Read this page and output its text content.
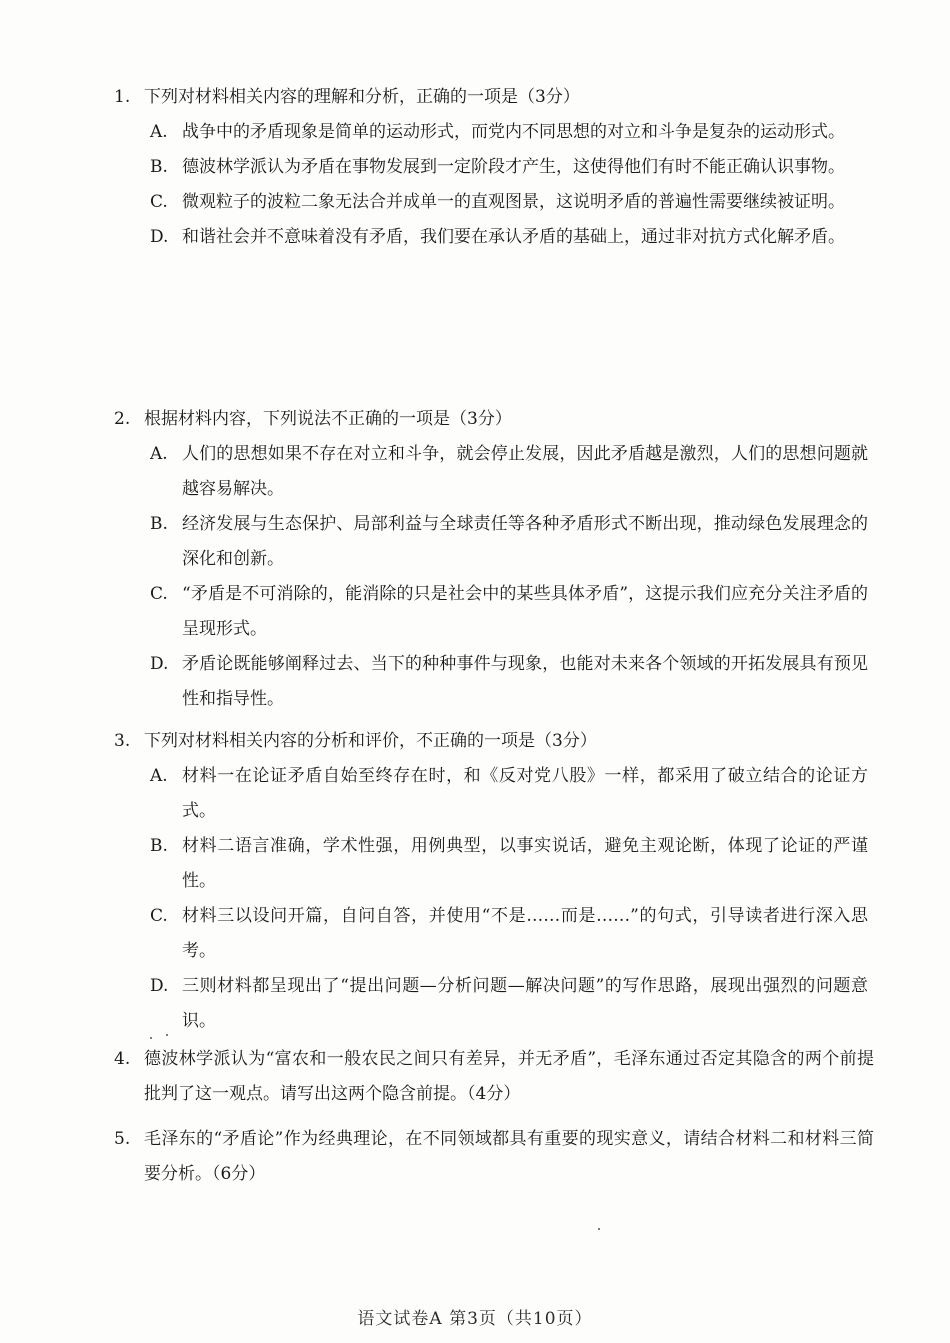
1. 下列对材料相关内容的理解和分析，正确的一项是（3分）
A. 战争中的矛盾现象是简单的运动形式，而党内不同思想的对立和斗争是复杂的运动形式。
B. 德波林学派认为矛盾在事物发展到一定阶段才产生，这使得他们有时不能正确认识事物。
C. 微观粒子的波粒二象无法合并成单一的直观图景，这说明矛盾的普遍性需要继续被证明。
D. 和谐社会并不意味着没有矛盾，我们要在承认矛盾的基础上，通过非对抗方式化解矛盾。
2. 根据材料内容，下列说法不正确的一项是（3分）
A. 人们的思想如果不存在对立和斗争，就会停止发展，因此矛盾越是激烈，人们的思想问题就越容易解决。
B. 经济发展与生态保护、局部利益与全球责任等各种矛盾形式不断出现，推动绿色发展理念的深化和创新。
C. “矛盾是不可消除的，能消除的只是社会中的某些具体矛盾”，这提示我们应充分关注矛盾的呈现形式。
D. 矛盾论既能够阐释过去、当下的种种事件与现象，也能对未来各个领域的开拓发展具有预见性和指导性。
3. 下列对材料相关内容的分析和评价，不正确的一项是（3分）
A. 材料一在论证矛盾自始至终存在时，和《反对党八股》一样，都采用了破立结合的论证方式。
B. 材料二语言准确，学术性强，用例典型，以事实说话，避免主观论断，体现了论证的严谨性。
C. 材料三以设问开篇，自问自答，并使用“不是……而是……”的句式，引导读者进行深入思考。
D. 三则材料都呈现出了“提出问题—分析问题—解决问题”的写作思路，展现出强烈的问题意识。
4. 德波林学派认为“富农和一般农民之间只有差异，并无矛盾”，毛泽东通过否定其隐含的两个前提批判了这一观点。请写出这两个隐含前提。（4分）
5. 毛泽东的“矛盾论”作为经典理论，在不同领域都具有重要的现实意义，请结合材料二和材料三简要分析。（6分）
语文试卷A 第3页（共10页）
